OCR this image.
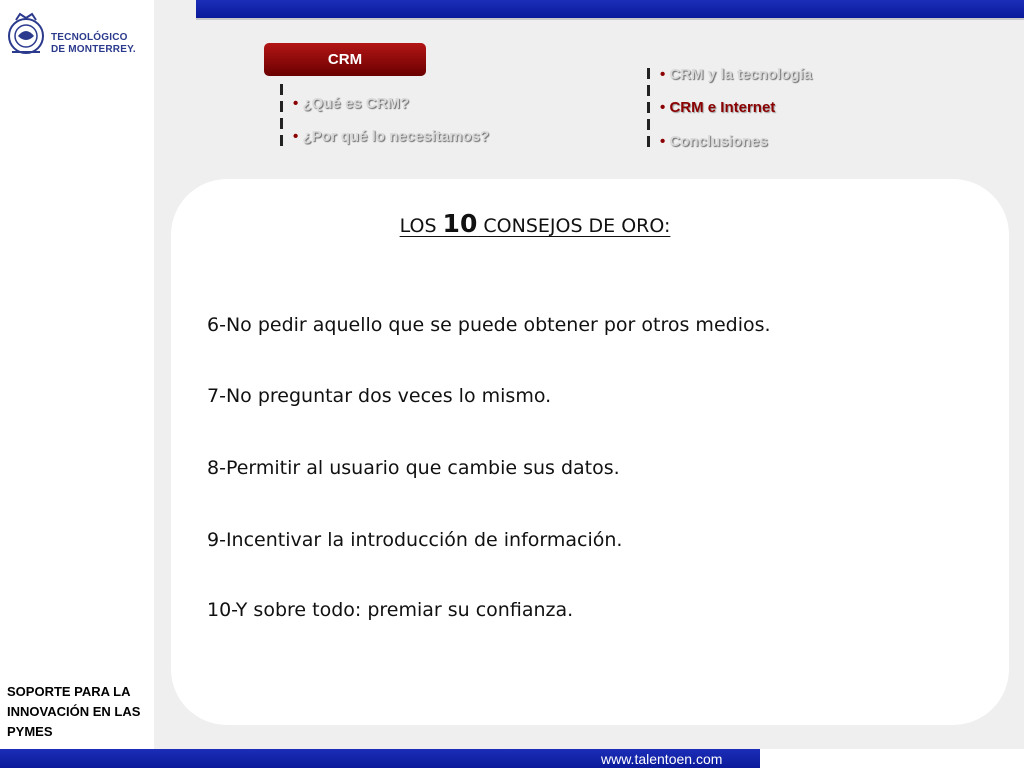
TECNOLÓGICO
DE MONTERREY.
CRM
• ¿Qué es CRM?
• ¿Por qué lo necesitamos?
• CRM y la tecnología
• CRM e Internet
• Conclusiones
LOS 10 CONSEJOS DE ORO:
6-No pedir aquello que se puede obtener por otros medios.
7-No preguntar dos veces lo mismo.
8-Permitir al usuario que cambie sus datos.
9-Incentivar la introducción de información.
10-Y sobre todo: premiar su confianza.
SOPORTE PARA LA INNOVACIÓN EN LAS PYMES
www.talentoen.com
